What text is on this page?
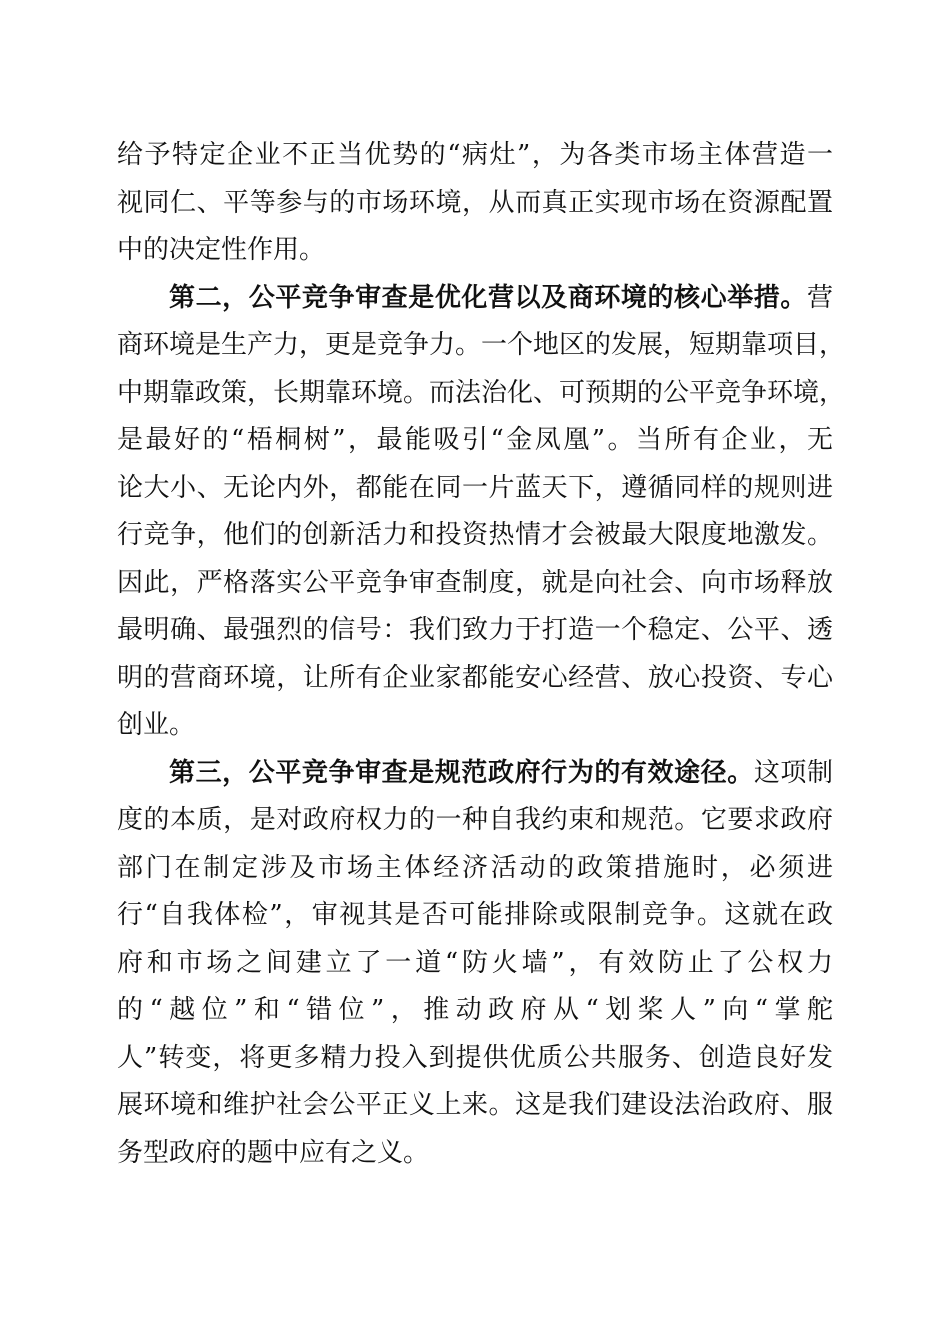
给予特定企业不正当优势的“病灶”，为各类市场主体营造一
视同仁、平等参与的市场环境，从而真正实现市场在资源配置
中的决定性作用。
第二，公平竞争审查是优化营以及商环境的核心举措。营
商环境是生产力，更是竞争力。一个地区的发展，短期靠项目，
中期靠政策，长期靠环境。而法治化、可预期的公平竞争环境，
是最好的“梧桐树”，最能吸引“金凤凰”。当所有企业，无
论大小、无论内外，都能在同一片蓝天下，遵循同样的规则进
行竞争，他们的创新活力和投资热情才会被最大限度地激发。
因此，严格落实公平竞争审查制度，就是向社会、向市场释放
最明确、最强烈的信号：我们致力于打造一个稳定、公平、透
明的营商环境，让所有企业家都能安心经营、放心投资、专心
创业。
第三，公平竞争审查是规范政府行为的有效途径。这项制
度的本质，是对政府权力的一种自我约束和规范。它要求政府
部门在制定涉及市场主体经济活动的政策措施时，必须进
行“自我体检”，审视其是否可能排除或限制竞争。这就在政
府和市场之间建立了一道“防火墙”，有效防止了公权力
的“越位”和“错位”，推动政府从“划桨人”向“掌舵
人”转变，将更多精力投入到提供优质公共服务、创造良好发
展环境和维护社会公平正义上来。这是我们建设法治政府、服
务型政府的题中应有之义。
